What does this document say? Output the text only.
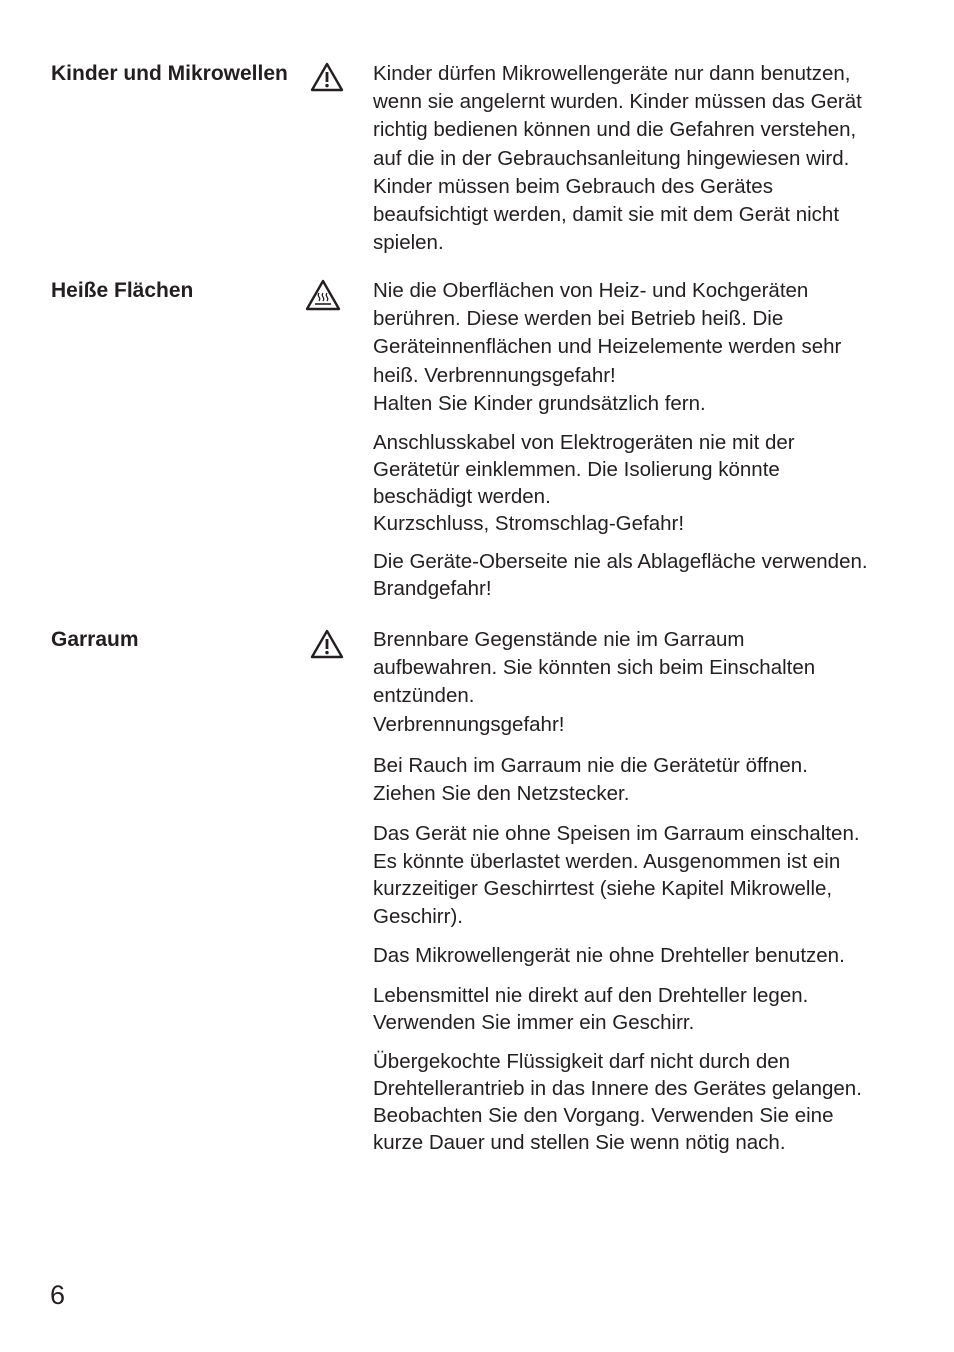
Kinder und Mikrowellen	Kinder dürfen Mikrowellengeräte nur dann benutzen,
wenn sie angelernt wurden. Kinder müssen das Gerät
richtig bedienen können und die Gefahren verstehen,
auf die in der Gebrauchsanleitung hingewiesen wird.
Kinder müssen beim Gebrauch des Gerätes
beaufsichtigt werden, damit sie mit dem Gerät nicht
spielen.

Heiße Flächen	Nie die Oberflächen von Heiz- und Kochgeräten
berühren. Diese werden bei Betrieb heiß. Die
Geräteinnenflächen und Heizelemente werden sehr
heiß. Verbrennungsgefahr!
Halten Sie Kinder grundsätzlich fern.

Anschlusskabel von Elektrogeräten nie mit der
Gerätetür einklemmen. Die Isolierung könnte
beschädigt werden.
Kurzschluss, Stromschlag-Gefahr!

Die Geräte-Oberseite nie als Ablagefläche verwenden.
Brandgefahr!

Garraum	Brennbare Gegenstände nie im Garraum
aufbewahren. Sie könnten sich beim Einschalten
entzünden.
Verbrennungsgefahr!

Bei Rauch im Garraum nie die Gerätetür öffnen.
Ziehen Sie den Netzstecker.

Das Gerät nie ohne Speisen im Garraum einschalten.
Es könnte überlastet werden. Ausgenommen ist ein
kurzzeitiger Geschirrtest (siehe Kapitel Mikrowelle,
Geschirr).

Das Mikrowellengerät nie ohne Drehteller benutzen.

Lebensmittel nie direkt auf den Drehteller legen.
Verwenden Sie immer ein Geschirr.

Übergekochte Flüssigkeit darf nicht durch den
Drehtellerantrieb in das Innere des Gerätes gelangen.
Beobachten Sie den Vorgang. Verwenden Sie eine
kurze Dauer und stellen Sie wenn nötig nach.

6
